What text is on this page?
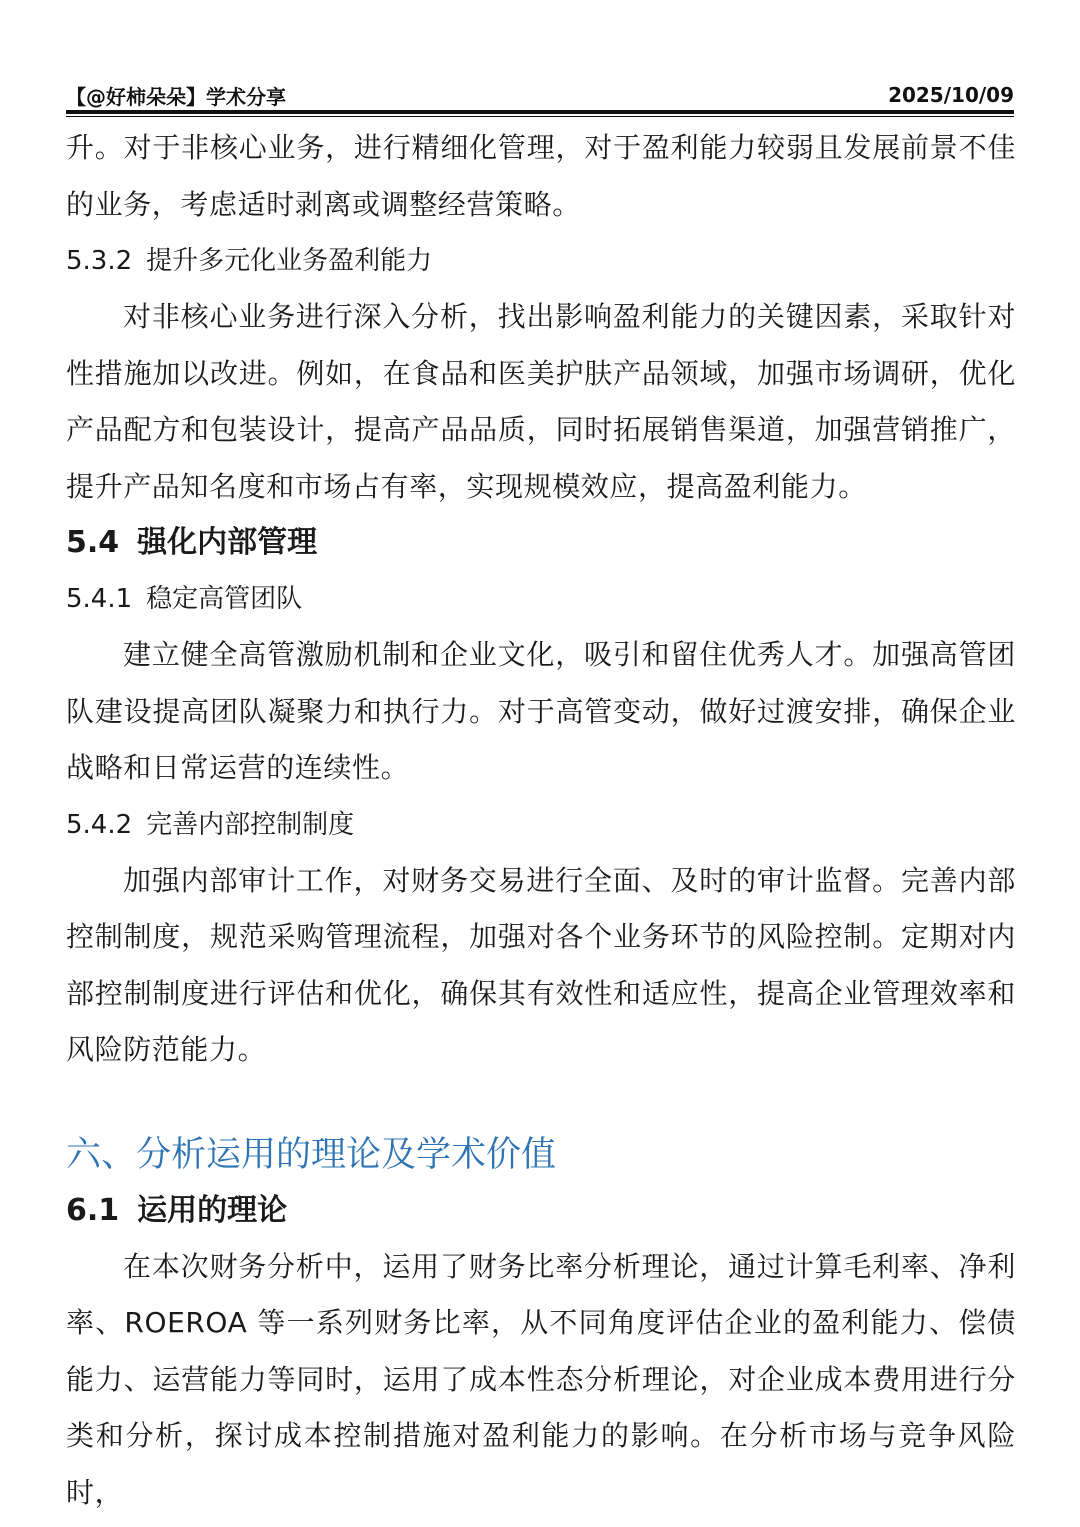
【@好柿朵朵】学术分享	2025/10/09

升。对于非核心业务，进行精细化管理，对于盈利能力较弱且发展前景不佳的业务，考虑适时剥离或调整经营策略。

5.3.2 提升多元化业务盈利能力

对非核心业务进行深入分析，找出影响盈利能力的关键因素，采取针对性措施加以改进。例如，在食品和医美护肤产品领域，加强市场调研，优化产品配方和包装设计，提高产品品质，同时拓展销售渠道，加强营销推广，提升产品知名度和市场占有率，实现规模效应，提高盈利能力。

5.4 强化内部管理

5.4.1 稳定高管团队

建立健全高管激励机制和企业文化，吸引和留住优秀人才。加强高管团队建设提高团队凝聚力和执行力。对于高管变动，做好过渡安排，确保企业战略和日常运营的连续性。

5.4.2 完善内部控制制度

加强内部审计工作，对财务交易进行全面、及时的审计监督。完善内部控制制度，规范采购管理流程，加强对各个业务环节的风险控制。定期对内部控制制度进行评估和优化，确保其有效性和适应性，提高企业管理效率和风险防范能力。

六、分析运用的理论及学术价值

6.1 运用的理论

在本次财务分析中，运用了财务比率分析理论，通过计算毛利率、净利率、ROEROA 等一系列财务比率，从不同角度评估企业的盈利能力、偿债能力、运营能力等同时，运用了成本性态分析理论，对企业成本费用进行分类和分析，探讨成本控制措施对盈利能力的影响。在分析市场与竞争风险时，
